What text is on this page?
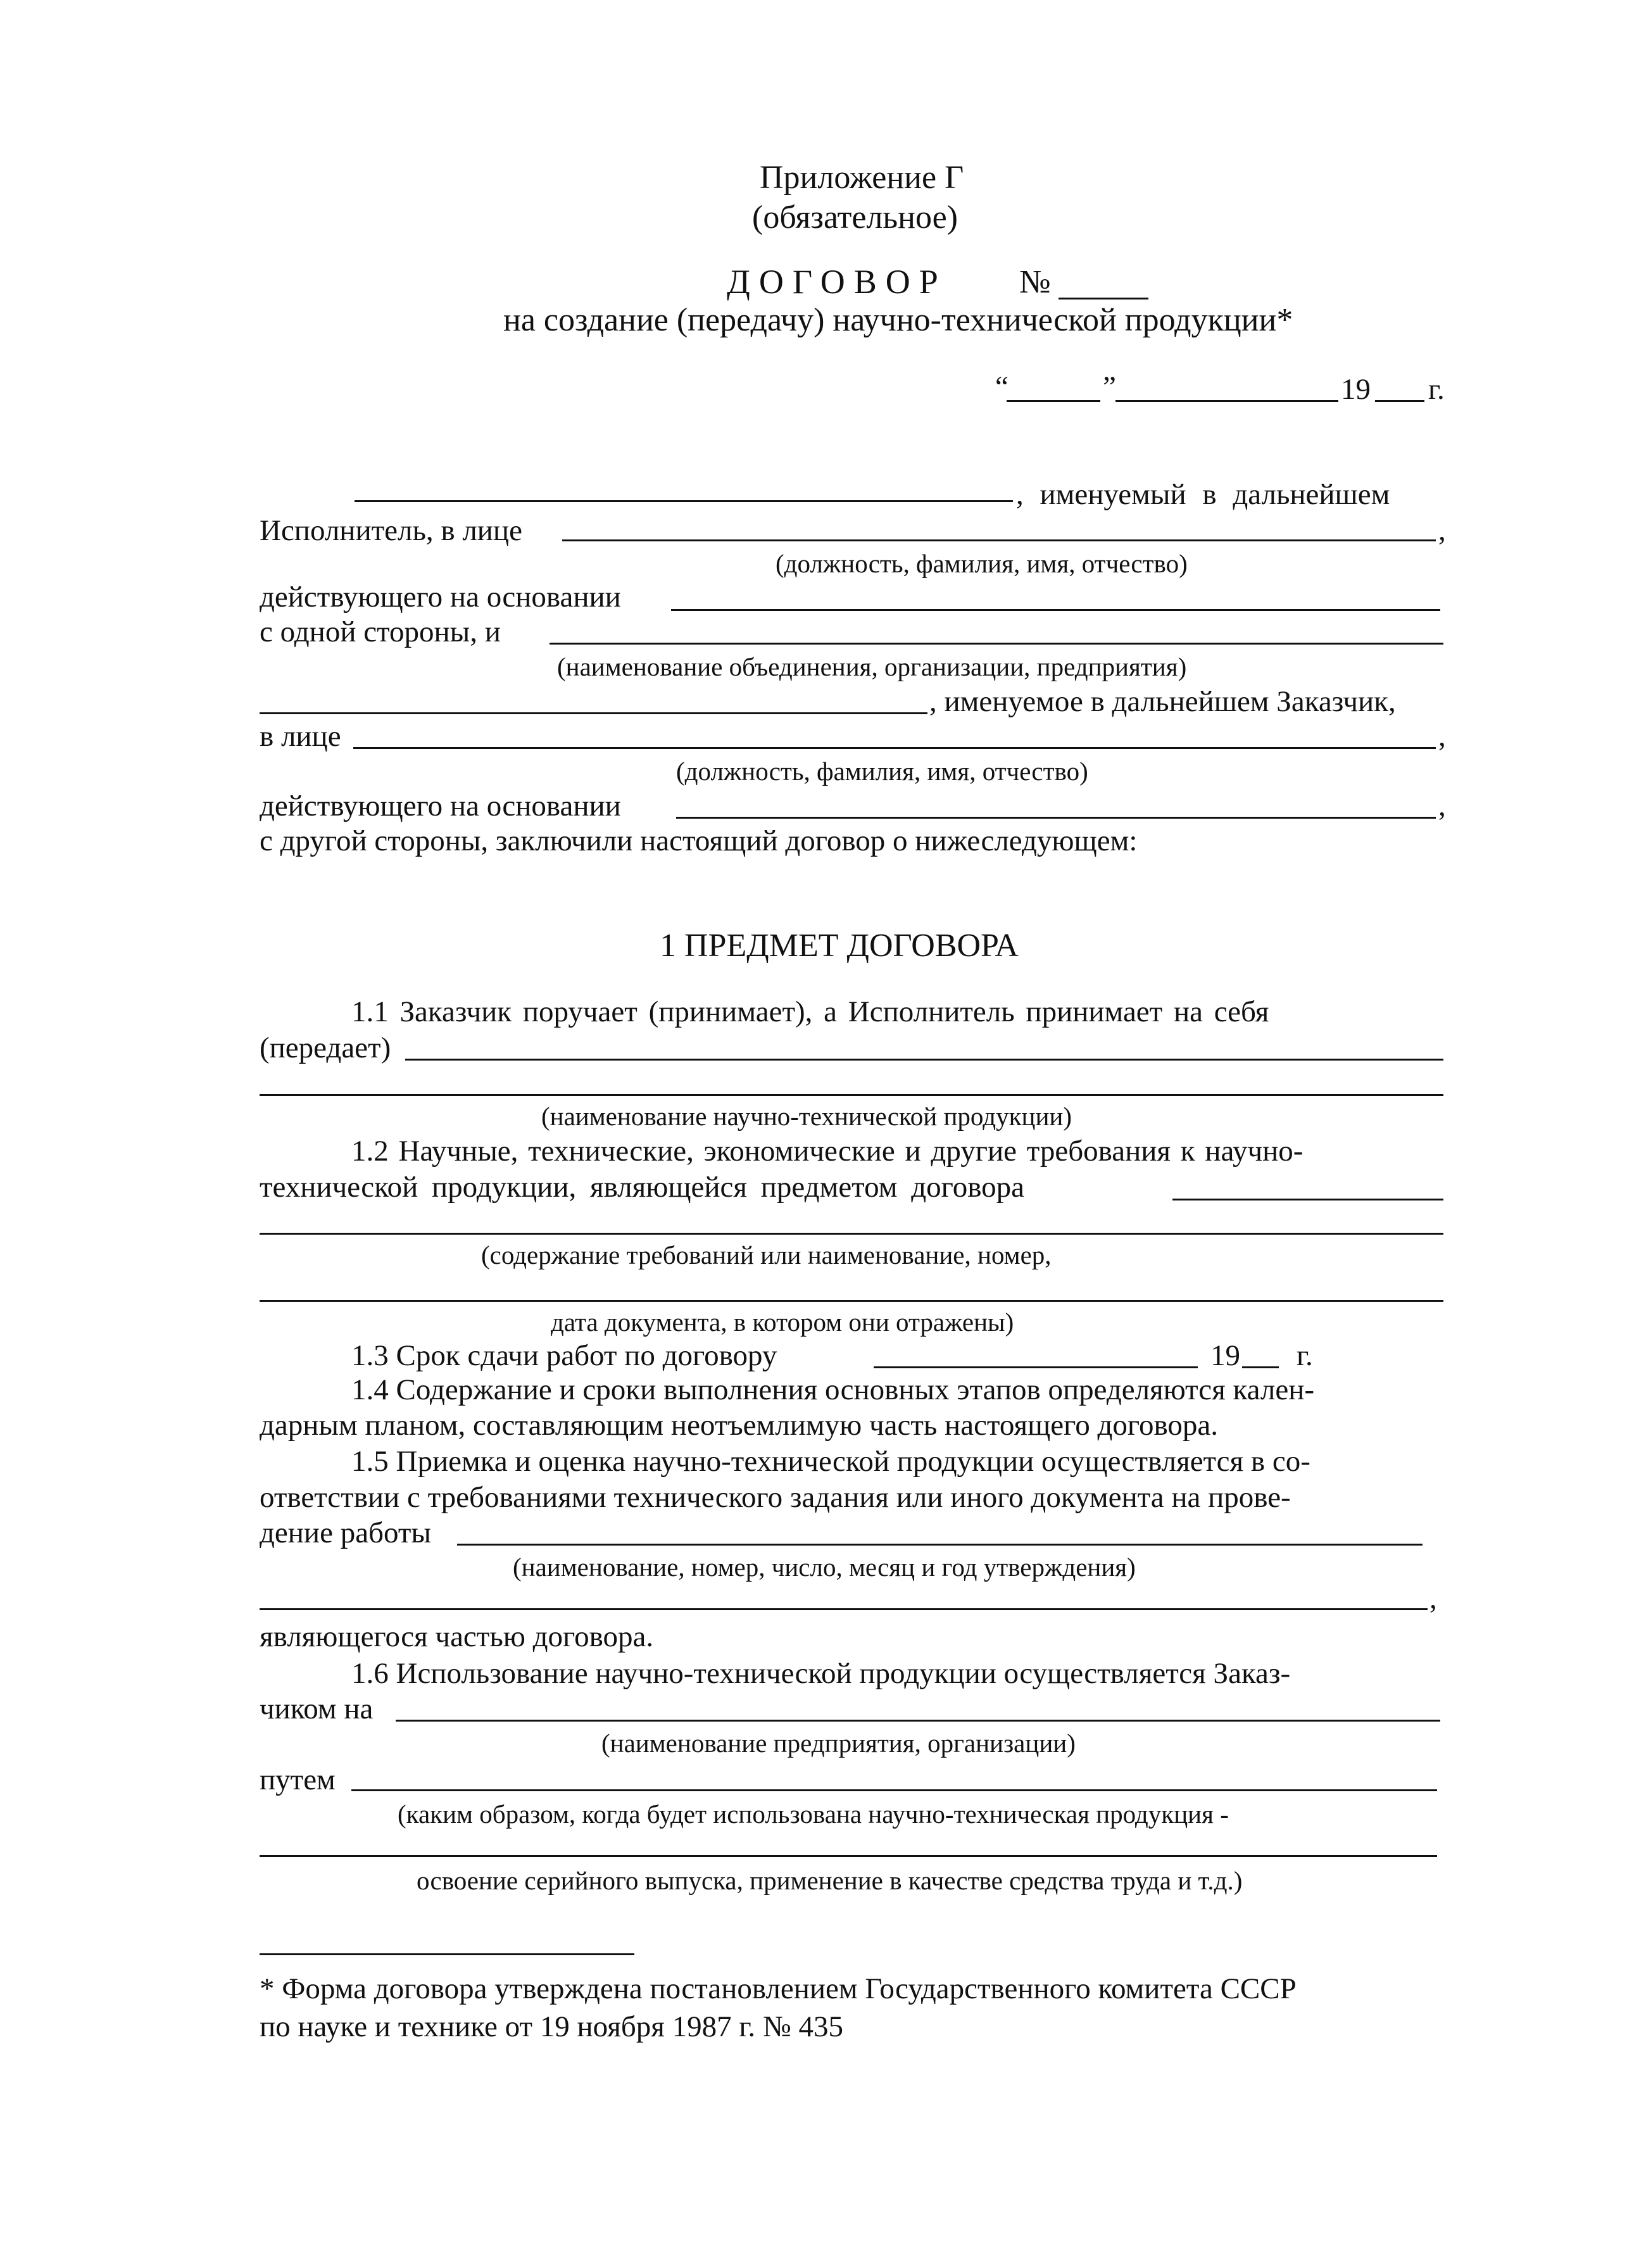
Приложение Г
(обязательное)
ДОГОВОР №
на создание (передачу) научно-технической продукции*
“	”	19 г.
, именуемый в дальнейшем
Исполнитель, в лице	,
(должность, фамилия, имя, отчество)
действующего на основании
с одной стороны, и
(наименование объединения, организации, предприятия)
, именуемое в дальнейшем Заказчик,
в лице	,
(должность, фамилия, имя, отчество)
действующего на основании	,
с другой стороны, заключили настоящий договор о нижеследующем:
1 ПРЕДМЕТ ДОГОВОРА
1.1 Заказчик поручает (принимает), а Исполнитель принимает на себя
(передает)
(наименование научно-технической продукции)
1.2 Научные, технические, экономические и другие требования к научно-
технической продукции, являющейся предметом договора
(содержание требований или наименование, номер,
дата документа, в котором они отражены)
1.3 Срок сдачи работ по договору	19 г.
1.4 Содержание и сроки выполнения основных этапов определяются кален-
дарным планом, составляющим неотъемлимую часть настоящего договора.
1.5 Приемка и оценка научно-технической продукции осуществляется в со-
ответствии с требованиями технического задания или иного документа на прове-
дение работы
(наименование, номер, число, месяц и год утверждения)
,
являющегося частью договора.
1.6 Использование научно-технической продукции осуществляется Заказ-
чиком на
(наименование предприятия, организации)
путем
(каким образом, когда будет использована научно-техническая продукция -
освоение серийного выпуска, применение в качестве средства труда и т.д.)
* Форма договора утверждена постановлением Государственного комитета СССР
по науке и технике от 19 ноября 1987 г. № 435
